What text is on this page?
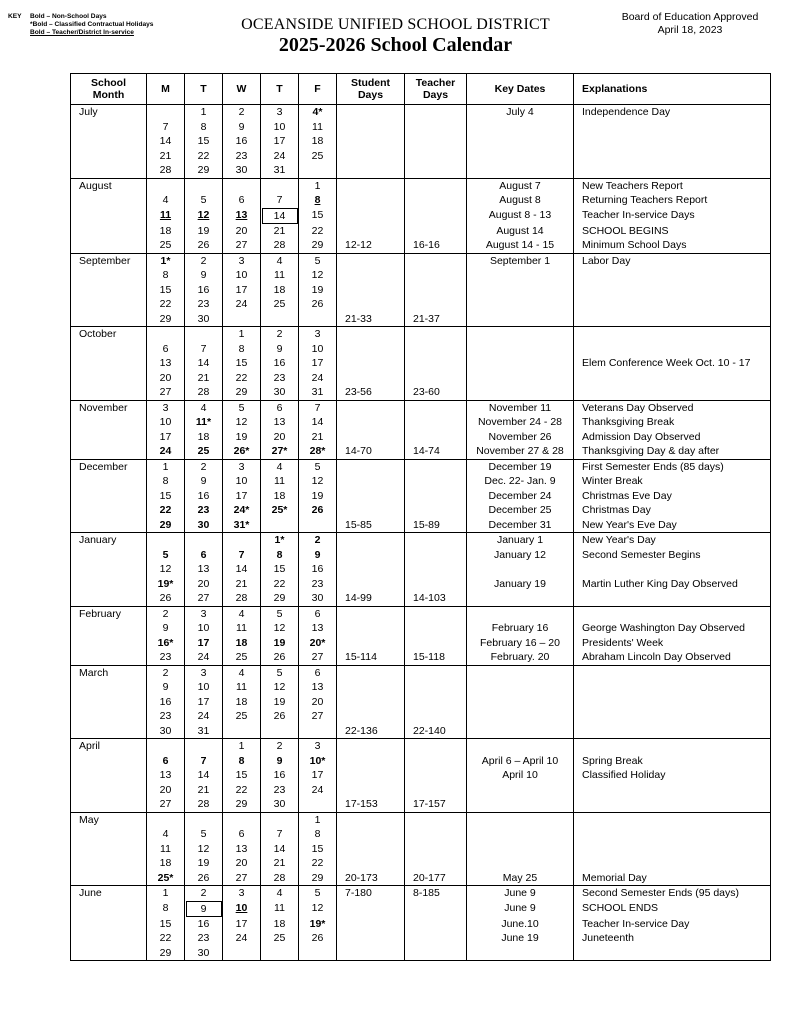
KEY Bold – Non-School Days
*Bold – Classified Contractual Holidays
Bold – Teacher/District In-service	OCEANSIDE UNIFIED SCHOOL DISTRICT
2025-2026 School Calendar
Board of Education Approved
April 18, 2023
School Month	M	T	W	T	F	Student Days	Teacher Days	Key Dates	Explanations
July		1	2	3	4*			July 4	Independence Day
	7	8	9	10	11				
	14	15	16	17	18				
	21	22	23	24	25				
	28	29	30	31					
August					1			August 7	New Teachers Report
	4	5	6	7	8			August 8	Returning Teachers Report
	11	12	13	14	15			August 8 - 13	Teacher In-service Days
	18	19	20	21	22			August 14	SCHOOL BEGINS
	25	26	27	28	29	12-12	16-16	August 14 - 15	Minimum School Days
September	1*	2	3	4	5			September 1	Labor Day
	8	9	10	11	12				
	15	16	17	18	19				
	22	23	24	25	26				
	29	30				21-33	21-37		
October			1	2	3				
	6	7	8	9	10				
	13	14	15	16	17				Elem Conference Week Oct. 10 - 17
	20	21	22	23	24				
	27	28	29	30	31	23-56	23-60		
November	3	4	5	6	7			November 11	Veterans Day Observed
	10	11*	12	13	14			November 24 - 28	Thanksgiving Break
	17	18	19	20	21			November 26	Admission Day Observed
	24	25	26*	27*	28*	14-70	14-74	November 27 & 28	Thanksgiving Day & day after
December	1	2	3	4	5			December 19	First Semester Ends (85 days)
	8	9	10	11	12			Dec. 22- Jan. 9	Winter Break
	15	16	17	18	19			December 24	Christmas Eve Day
	22	23	24*	25*	26			December 25	Christmas Day
	29	30	31*			15-85	15-89	December 31	New Year's Eve Day
January				1*	2			January 1	New Year's Day
	5	6	7	8	9			January 12	Second Semester Begins
	12	13	14	15	16				
	19*	20	21	22	23			January 19	Martin Luther King Day Observed
	26	27	28	29	30	14-99	14-103		
February	2	3	4	5	6				
	9	10	11	12	13			February 16	George Washington Day Observed
	16*	17	18	19	20*			February 16 – 20	Presidents' Week
	23	24	25	26	27	15-114	15-118	February. 20	Abraham Lincoln Day Observed
March	2	3	4	5	6				
	9	10	11	12	13				
	16	17	18	19	20				
	23	24	25	26	27				
	30	31				22-136	22-140		
April			1	2	3				
	6	7	8	9	10*			April 6 – April 10	Spring Break
	13	14	15	16	17			April 10	Classified Holiday
	20	21	22	23	24				
	27	28	29	30		17-153	17-157		
May					1				
	4	5	6	7	8				
	11	12	13	14	15				
	18	19	20	21	22				
	25*	26	27	28	29	20-173	20-177	May 25	Memorial Day
June	1	2	3	4	5	7-180	8-185	June 9	Second Semester Ends (95 days)
	8	9	10	11	12			June 9	SCHOOL ENDS
	15	16	17	18	19*			June.10	Teacher In-service Day
	22	23	24	25	26			June 19	Juneteenth
	29	30							
